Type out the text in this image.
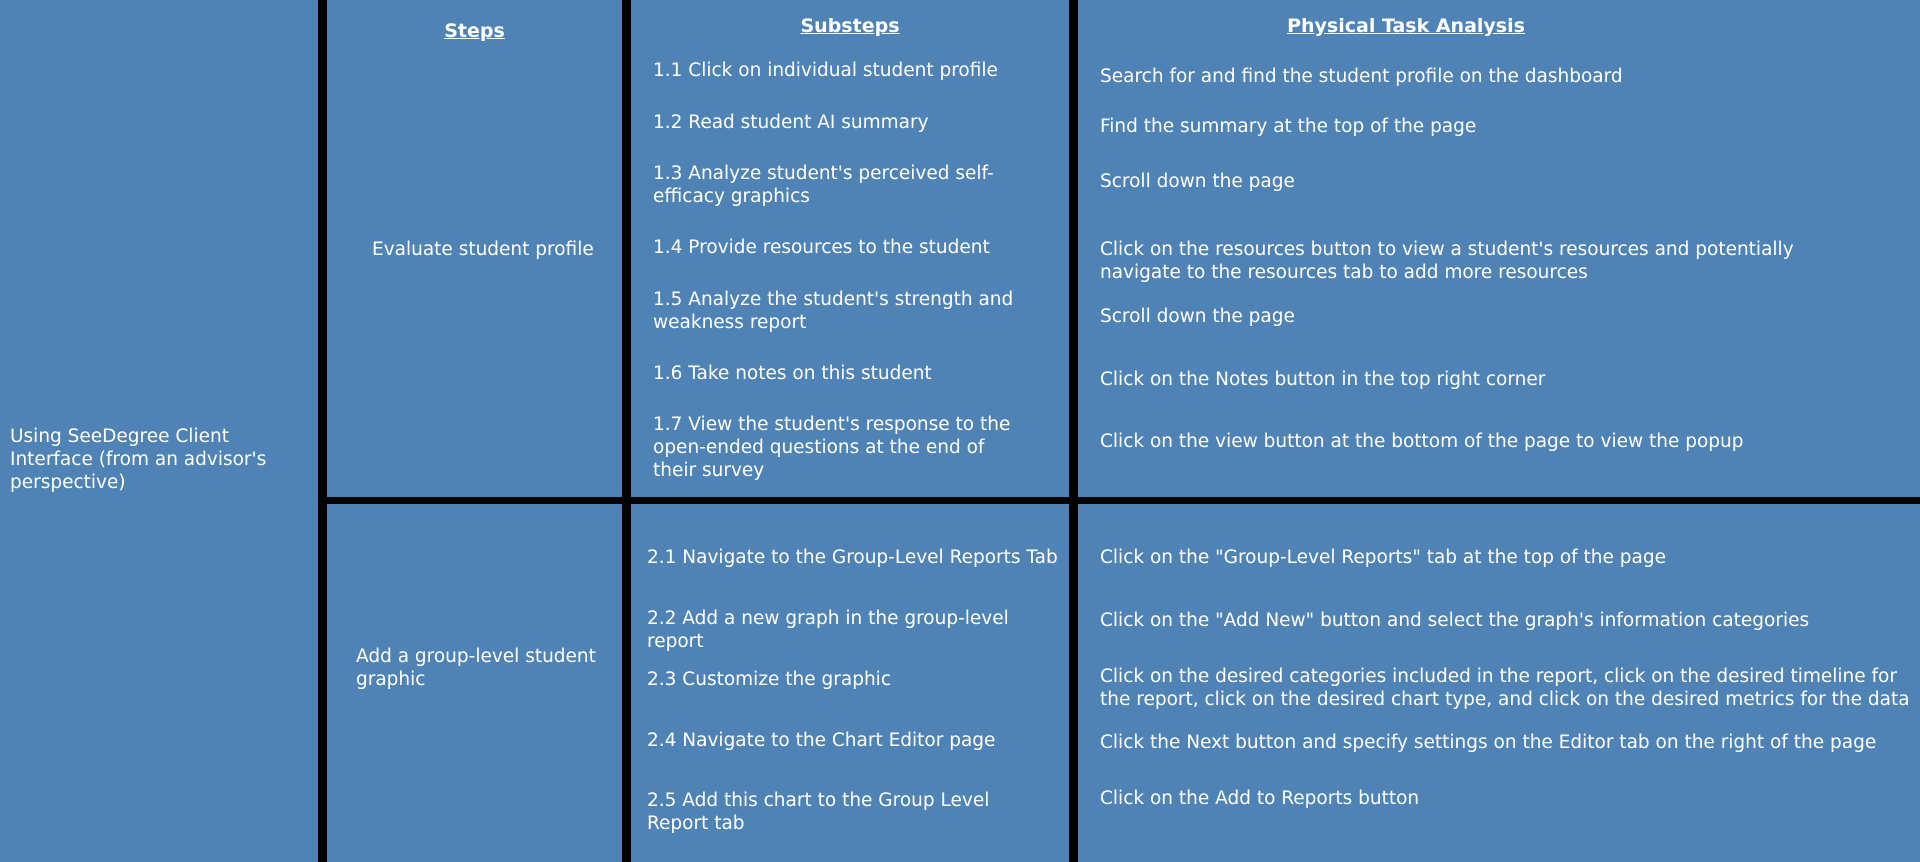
Steps	Substeps	Physical Task Analysis
Using SeeDegree Client Interface (from an advisor's perspective)
Evaluate student profile
Add a group-level student graphic
1.1 Click on individual student profile
1.2 Read student AI summary
1.3 Analyze student's perceived self-efficacy graphics
1.4 Provide resources to the student
1.5 Analyze the student's strength and weakness report
1.6 Take notes on this student
1.7 View the student's response to the open-ended questions at the end of their survey
Search for and find the student profile on the dashboard
Find the summary at the top of the page
Scroll down the page
Click on the resources button to view a student's resources and potentially navigate to the resources tab to add more resources
Scroll down the page
Click on the Notes button in the top right corner
Click on the view button at the bottom of the page to view the popup
2.1 Navigate to the Group-Level Reports Tab
2.2 Add a new graph in the group-level report
2.3 Customize the graphic
2.4 Navigate to the Chart Editor page
2.5 Add this chart to the Group Level Report tab
Click on the "Group-Level Reports" tab at the top of the page
Click on the "Add New" button and select the graph's information categories
Click on the desired categories included in the report, click on the desired timeline for the report, click on the desired chart type, and click on the desired metrics for the data
Click the Next button and specify settings on the Editor tab on the right of the page
Click on the Add to Reports button
